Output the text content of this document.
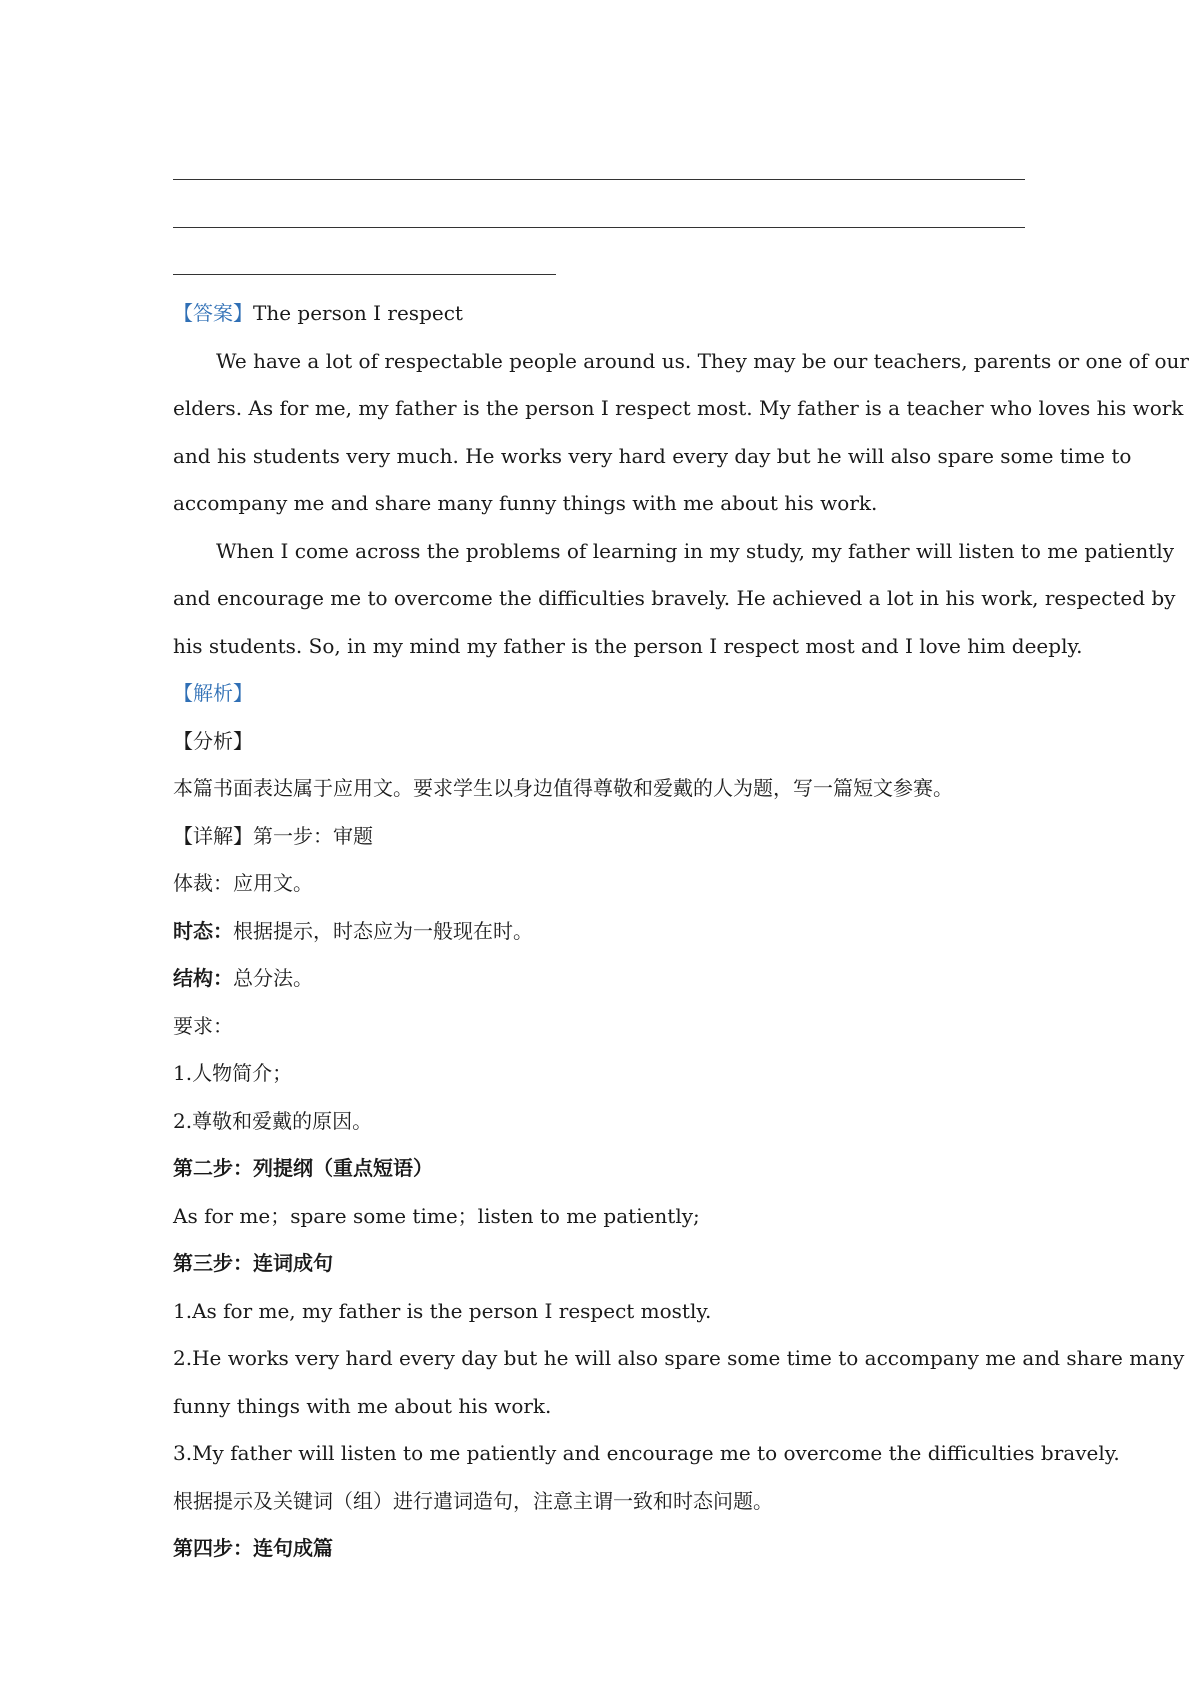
【答案】The person I respect
We have a lot of respectable people around us. They may be our teachers, parents or one of our
elders. As for me, my father is the person I respect most. My father is a teacher who loves his work
and his students very much. He works very hard every day but he will also spare some time to
accompany me and share many funny things with me about his work.
When I come across the problems of learning in my study, my father will listen to me patiently
and encourage me to overcome the difficulties bravely. He achieved a lot in his work, respected by
his students. So, in my mind my father is the person I respect most and I love him deeply.
【解析】
【分析】
本篇书面表达属于应用文。要求学生以身边值得尊敬和爱戴的人为题，写一篇短文参赛。
【详解】第一步：审题
体裁：应用文。
时态：根据提示，时态应为一般现在时。
结构：总分法。
要求：
1.人物简介；
2.尊敬和爱戴的原因。
第二步：列提纲（重点短语）
As for me；spare some time；listen to me patiently;
第三步：连词成句
1.As for me, my father is the person I respect mostly.
2.He works very hard every day but he will also spare some time to accompany me and share many
funny things with me about his work.
3.My father will listen to me patiently and encourage me to overcome the difficulties bravely.
根据提示及关键词（组）进行遣词造句，注意主谓一致和时态问题。
第四步：连句成篇
